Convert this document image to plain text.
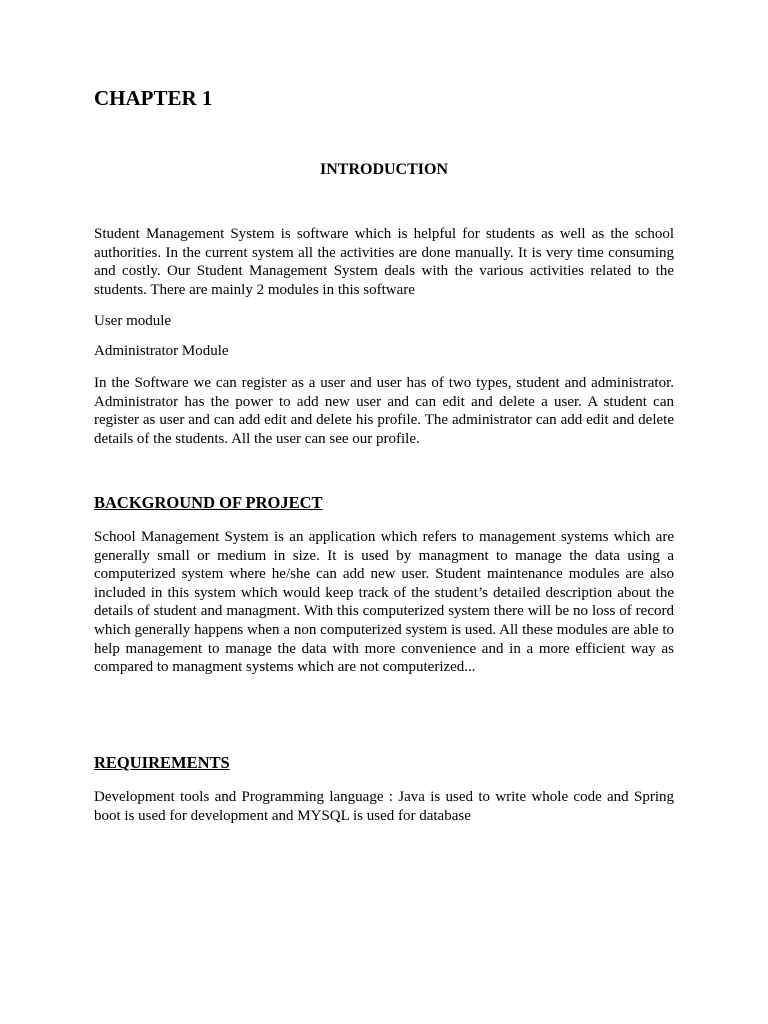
CHAPTER 1
INTRODUCTION

Student Management System is software which is helpful for students as well as the school authorities. In the current system all the activities are done manually. It is very time consuming and costly. Our Student Management System deals with the various activities related to the students. There are mainly 2 modules in this software

User module

Administrator Module

In the Software we can register as a user and user has of two types, student and administrator. Administrator has the power to add new user and can edit and delete a user. A student can register as user and can add edit and delete his profile. The administrator can add edit and delete details of the students. All the user can see our profile.

BACKGROUND OF PROJECT

School Management System is an application which refers to management systems which are generally small or medium in size. It is used by managment to manage the data using a computerized system where he/she can add new user. Student maintenance modules are also included in this system which would keep track of the student’s detailed description about the details of student and managment. With this computerized system there will be no loss of record which generally happens when a non computerized system is used. All these modules are able to help management to manage the data with more convenience and in a more efficient way as compared to managment systems which are not computerized...

REQUIREMENTS

Development tools and Programming language : Java is used to write whole code and Spring boot is used for development and MYSQL is used for database
